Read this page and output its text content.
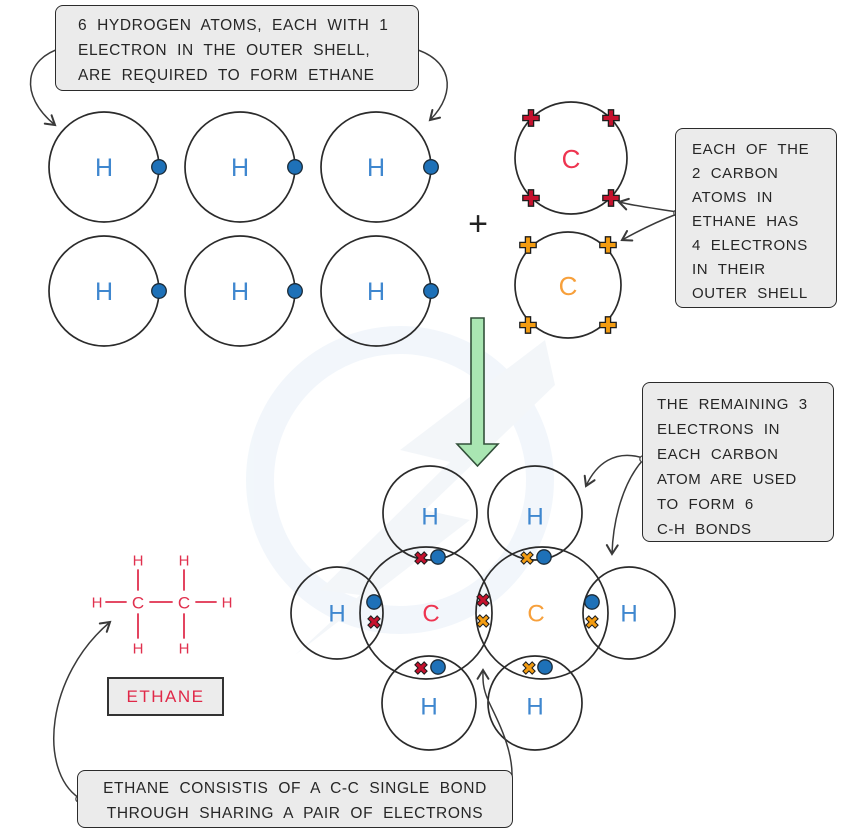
H	H	H
H	H	H
+
C
C
H	H
H	H
H	H
C	C
H H
H C C H
H H
6 HYDROGEN ATOMS, EACH WITH 1
ELECTRON IN THE OUTER SHELL,
ARE REQUIRED TO FORM ETHANE
EACH OF THE
2 CARBON
ATOMS IN
ETHANE HAS
4 ELECTRONS
IN THEIR
OUTER SHELL
THE REMAINING 3
ELECTRONS IN
EACH CARBON
ATOM ARE USED
TO FORM 6
C-H BONDS
ETHANE CONSISTIS OF A C-C SINGLE BOND
THROUGH SHARING A PAIR OF ELECTRONS
ETHANE
